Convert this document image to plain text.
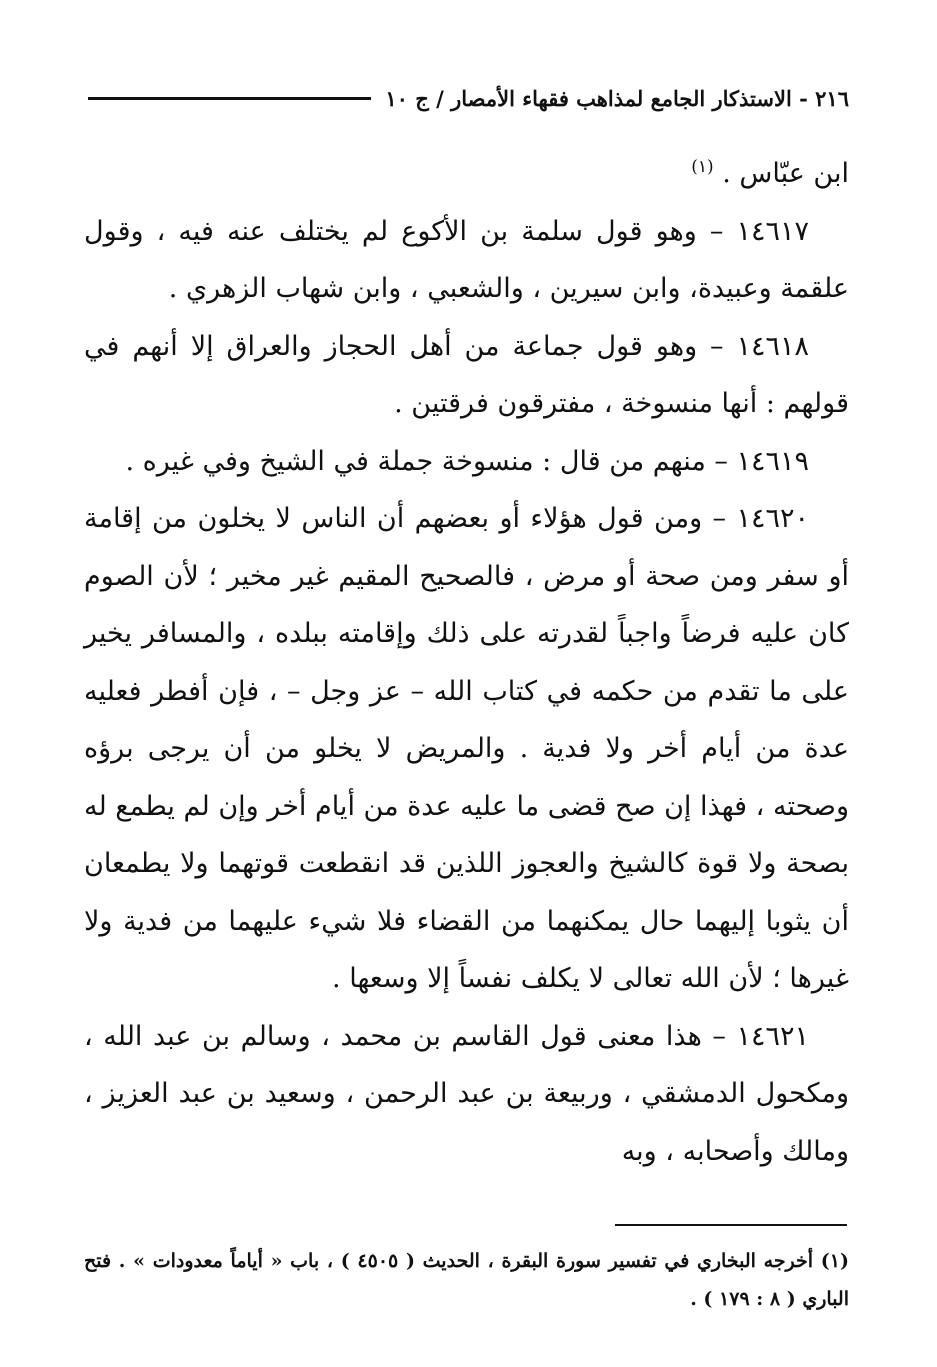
٢١٦ - الاستذكار الجامع لمذاهب فقهاء الأمصار / ج ١٠

ابن عبّاس . $^{(١)}$

١٤٦١٧ – وهو قول سلمة بن الأكوع لم يختلف عنه فيه ، وقول علقمة وعبيدة، وابن سيرين ، والشعبي ، وابن شهاب الزهري .

١٤٦١٨ – وهو قول جماعة من أهل الحجاز والعراق إلا أنهم في قولهم : أنها منسوخة ، مفترقون فرقتين .

١٤٦١٩ – منهم من قال : منسوخة جملة في الشيخ وفي غيره .

١٤٦٢٠ – ومن قول هؤلاء أو بعضهم أن الناس لا يخلون من إقامة أو سفر ومن صحة أو مرض ، فالصحيح المقيم غير مخير ؛ لأن الصوم كان عليه فرضاً واجباً لقدرته على ذلك وإقامته ببلده ، والمسافر يخير على ما تقدم من حكمه في كتاب الله – عز وجل – ، فإن أفطر فعليه عدة من أيام أخر ولا فدية . والمريض لا يخلو من أن يرجى برؤه وصحته ، فهذا إن صح قضى ما عليه عدة من أيام أخر وإن لم يطمع له بصحة ولا قوة كالشيخ والعجوز اللذين قد انقطعت قوتهما ولا يطمعان أن يثوبا إليهما حال يمكنهما من القضاء فلا شيء عليهما من فدية ولا غيرها ؛ لأن الله تعالى لا يكلف نفساً إلا وسعها .

١٤٦٢١ – هذا معنى قول القاسم بن محمد ، وسالم بن عبد الله ، ومكحول الدمشقي ، وربيعة بن عبد الرحمن ، وسعيد بن عبد العزيز ، ومالك وأصحابه ، وبه

(١) أخرجه البخاري في تفسير سورة البقرة ، الحديث ( ٤٥٠٥ ) ، باب « أياماً معدودات » . فتح الباري ( ٨ : ١٧٩ ) .
